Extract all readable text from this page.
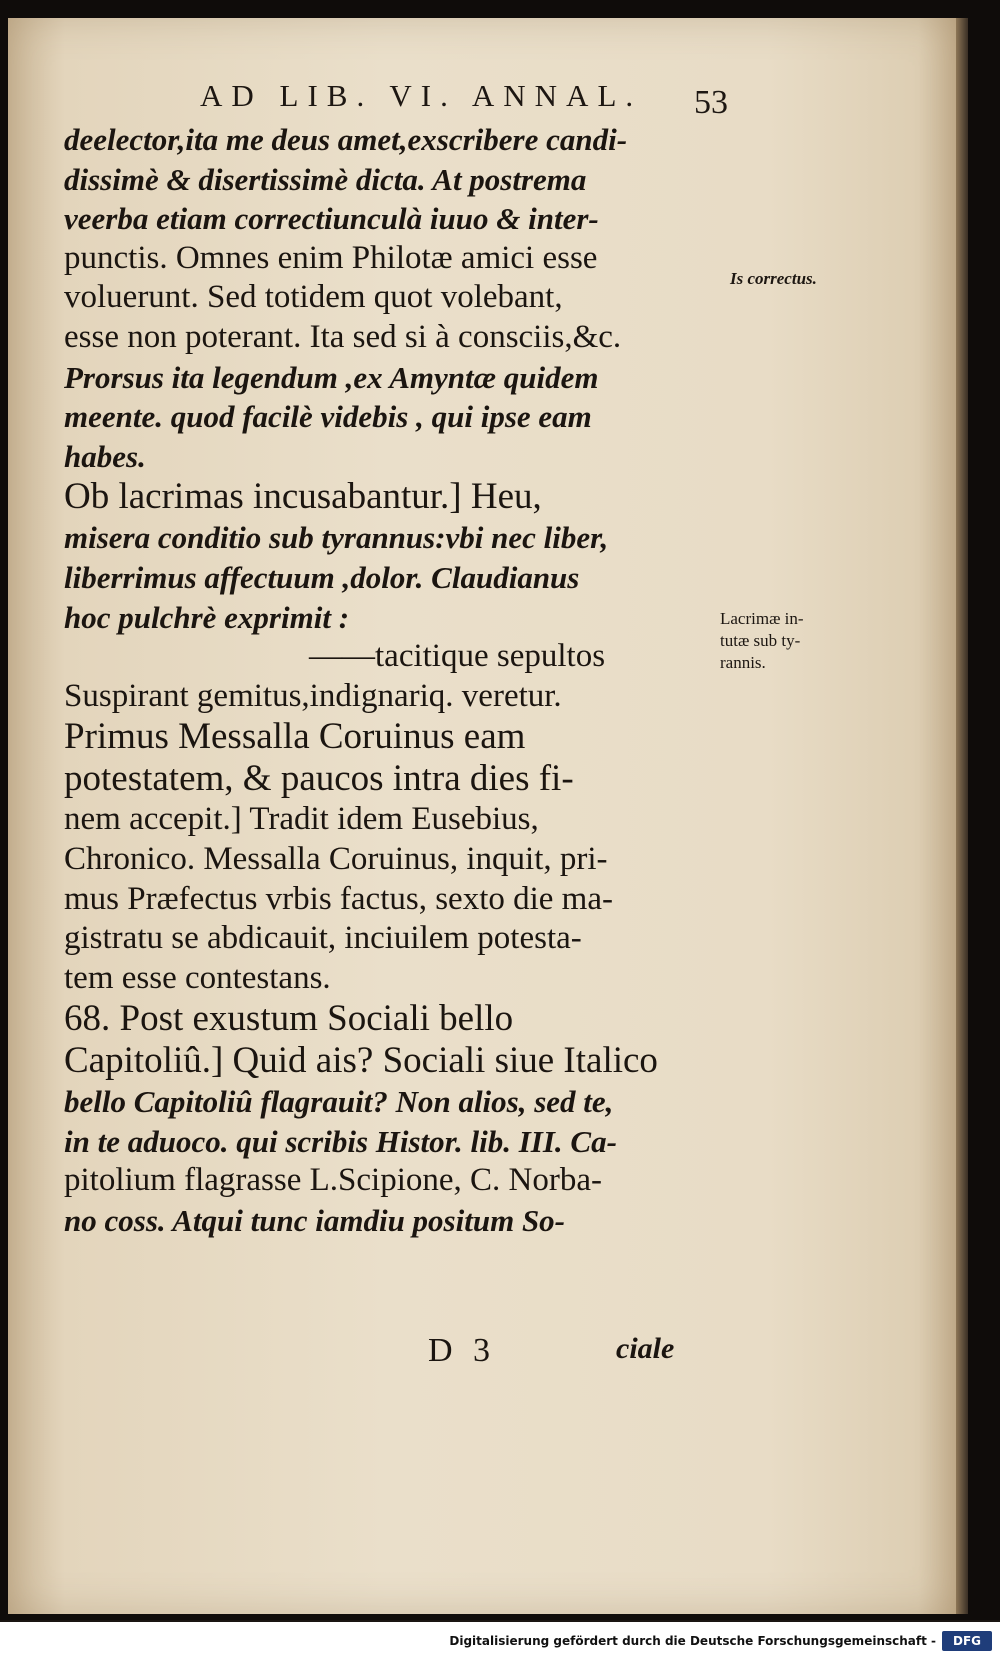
AD LIB. VI. ANNAL. 53
deelector,ita me deus amet,exscribere candi-
dissimè & disertissimè dicta. At postrema
veerba etiam correctiunculà iuuo & inter-
punctis. Omnes enim Philotæ amici esse
voluerunt. Sed totidem quot volebant,
esse non poterant. Ita sed si à consciis,&c.
Prorsus ita legendum ,ex Amyntæ quidem
meente. quod facilè videbis , qui ipse eam
habes.
Ob lacrimas incusabantur.] Heu,
misera conditio sub tyrannus:vbi nec liber,
liberrimus affectuum ,dolor. Claudianus
hoc pulchrè exprimit :
——tacitique sepultos
Suspirant gemitus,indignariq. veretur.
Primus Messalla Coruinus eam
potestatem, & paucos intra dies fi-
nem accepit.] Tradit idem Eusebius,
Chronico. Messalla Coruinus, inquit, pri-
mus Præfectus vrbis factus, sexto die ma-
gistratu se abdicauit, inciuilem potesta-
tem esse contestans.
68. Post exustum Sociali bello
Capitoliû.] Quid ais? Sociali siue Italico
bello Capitoliû flagrauit? Non alios, sed te,
in te aduoco. qui scribis Histor. lib. III. Ca-
pitolium flagrasse L.Scipione, C. Norba-
no coss. Atqui tunc iamdiu positum So-
Is correctus.
Lacrimæ in-
tutæ sub ty-
rannis.
D 3	ciale
Digitalisierung gefördert durch die Deutsche Forschungsgemeinschaft -	DFG
